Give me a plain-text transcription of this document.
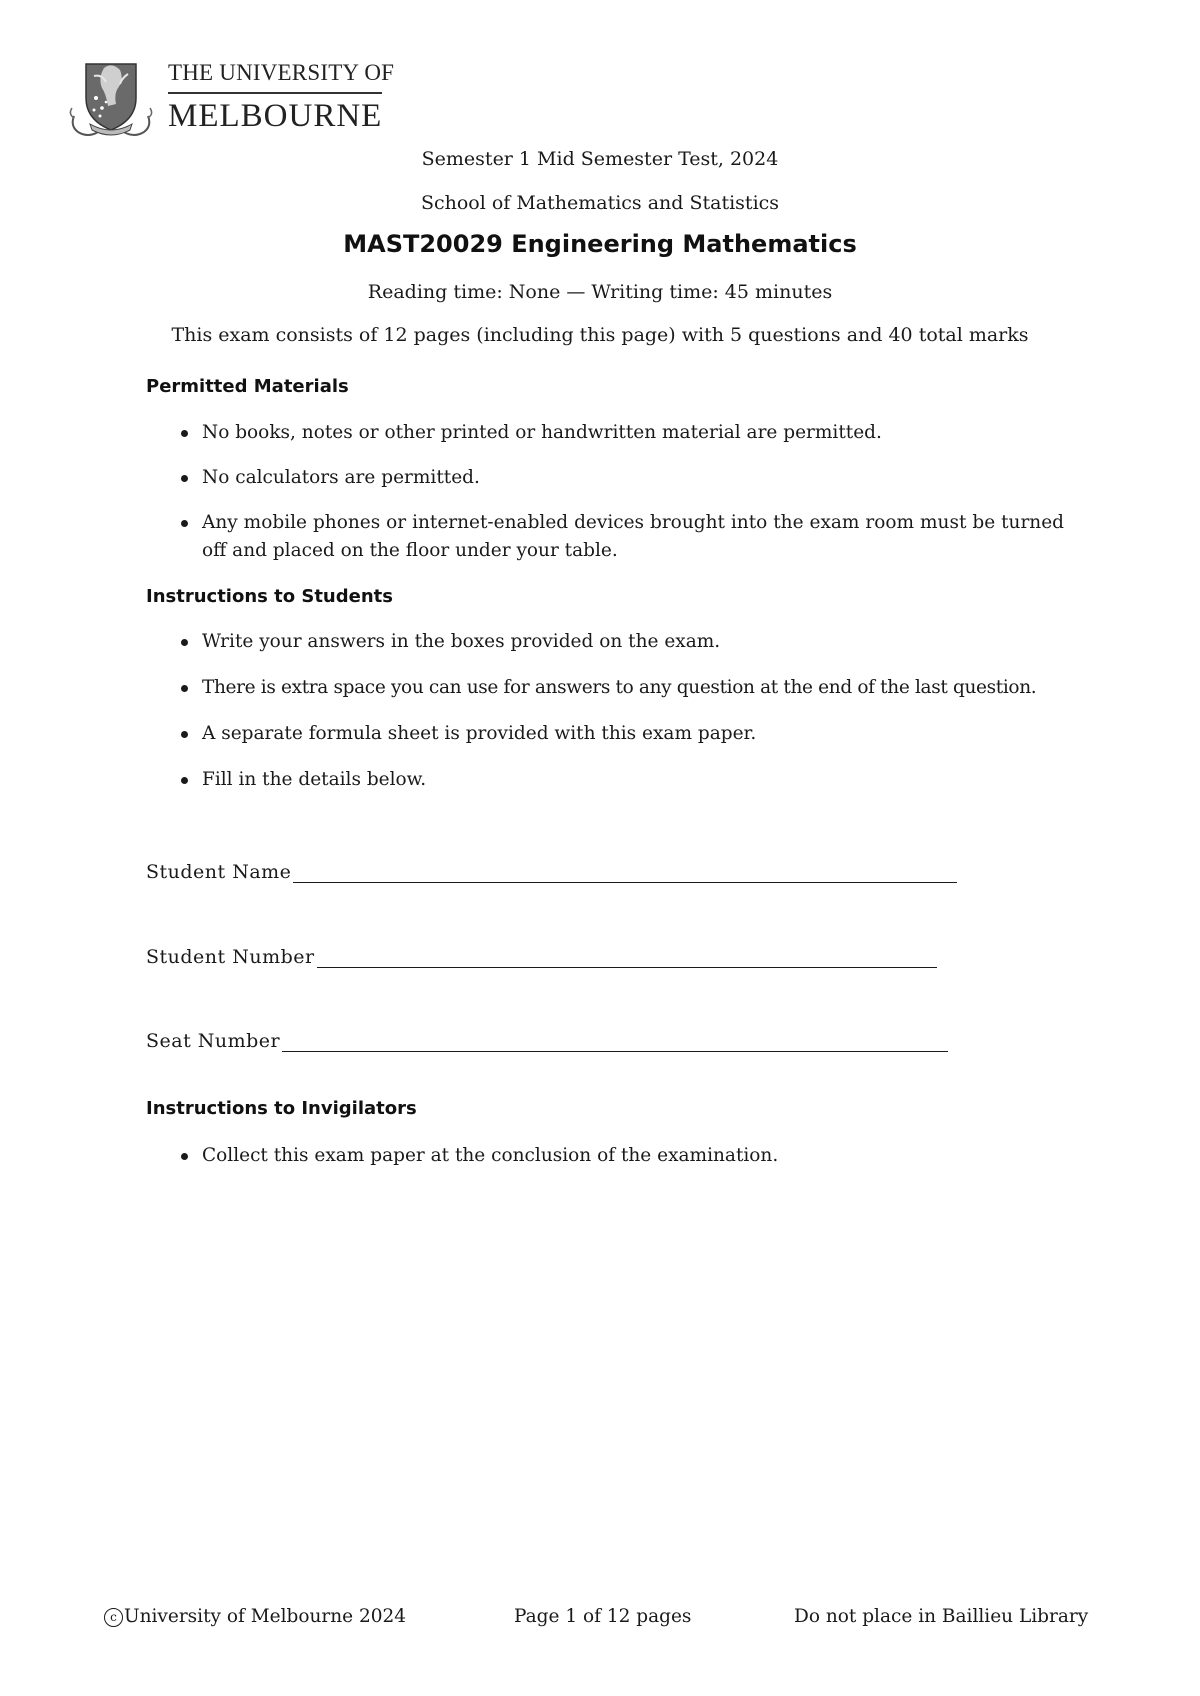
THE UNIVERSITY OF
MELBOURNE
Semester 1 Mid Semester Test, 2024
School of Mathematics and Statistics
MAST20029 Engineering Mathematics
Reading time: None — Writing time: 45 minutes
This exam consists of 12 pages (including this page) with 5 questions and 40 total marks
Permitted Materials
No books, notes or other printed or handwritten material are permitted.
No calculators are permitted.
Any mobile phones or internet-enabled devices brought into the exam room must be turned off and placed on the floor under your table.
Instructions to Students
Write your answers in the boxes provided on the exam.
There is extra space you can use for answers to any question at the end of the last question.
A separate formula sheet is provided with this exam paper.
Fill in the details below.
Student Name
Student Number
Seat Number
Instructions to Invigilators
Collect this exam paper at the conclusion of the examination.
c University of Melbourne 2024	Page 1 of 12 pages	Do not place in Baillieu Library
